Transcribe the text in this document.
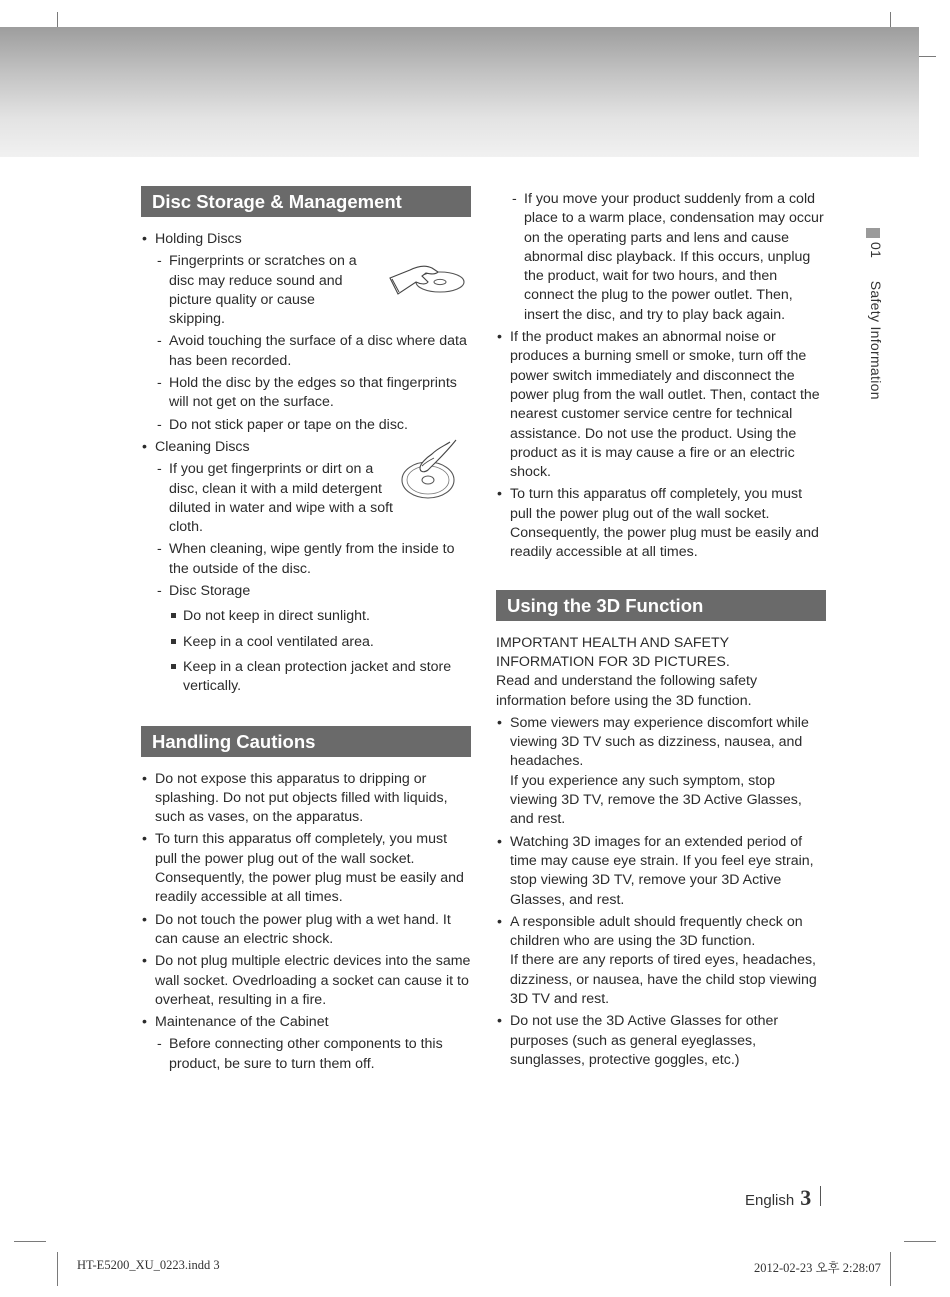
Disc Storage & Management
• Holding Discs
- Fingerprints or scratches on a disc may reduce sound and picture quality or cause skipping.
- Avoid touching the surface of a disc where data has been recorded.
- Hold the disc by the edges so that fingerprints will not get on the surface.
- Do not stick paper or tape on the disc.
• Cleaning Discs
- If you get fingerprints or dirt on a disc, clean it with a mild detergent diluted in water and wipe with a soft cloth.
- When cleaning, wipe gently from the inside to the outside of the disc.
- Disc Storage
Do not keep in direct sunlight.
Keep in a cool ventilated area.
Keep in a clean protection jacket and store vertically.
Handling Cautions
• Do not expose this apparatus to dripping or splashing. Do not put objects filled with liquids, such as vases, on the apparatus.
• To turn this apparatus off completely, you must pull the power plug out of the wall socket. Consequently, the power plug must be easily and readily accessible at all times.
• Do not touch the power plug with a wet hand. It can cause an electric shock.
• Do not plug multiple electric devices into the same wall socket. Ovedrloading a socket can cause it to overheat, resulting in a fire.
• Maintenance of the Cabinet
- Before connecting other components to this product, be sure to turn them off.
- If you move your product suddenly from a cold place to a warm place, condensation may occur on the operating parts and lens and cause abnormal disc playback. If this occurs, unplug the product, wait for two hours, and then connect the plug to the power outlet. Then, insert the disc, and try to play back again.
• If the product makes an abnormal noise or produces a burning smell or smoke, turn off the power switch immediately and disconnect the power plug from the wall outlet. Then, contact the nearest customer service centre for technical assistance. Do not use the product. Using the product as it is may cause a fire or an electric shock.
• To turn this apparatus off completely, you must pull the power plug out of the wall socket. Consequently, the power plug must be easily and readily accessible at all times.
Using the 3D Function
IMPORTANT HEALTH AND SAFETY INFORMATION FOR 3D PICTURES.
Read and understand the following safety information before using the 3D function.
• Some viewers may experience discomfort while viewing 3D TV such as dizziness, nausea, and headaches.
If you experience any such symptom, stop viewing 3D TV, remove the 3D Active Glasses, and rest.
• Watching 3D images for an extended period of time may cause eye strain. If you feel eye strain, stop viewing 3D TV, remove your 3D Active Glasses, and rest.
• A responsible adult should frequently check on children who are using the 3D function.
If there are any reports of tired eyes, headaches, dizziness, or nausea, have the child stop viewing 3D TV and rest.
• Do not use the 3D Active Glasses for other purposes (such as general eyeglasses, sunglasses, protective goggles, etc.)
01   Safety Information
English 3
HT-E5200_XU_0223.indd 3	2012-02-23 오후 2:28:07
